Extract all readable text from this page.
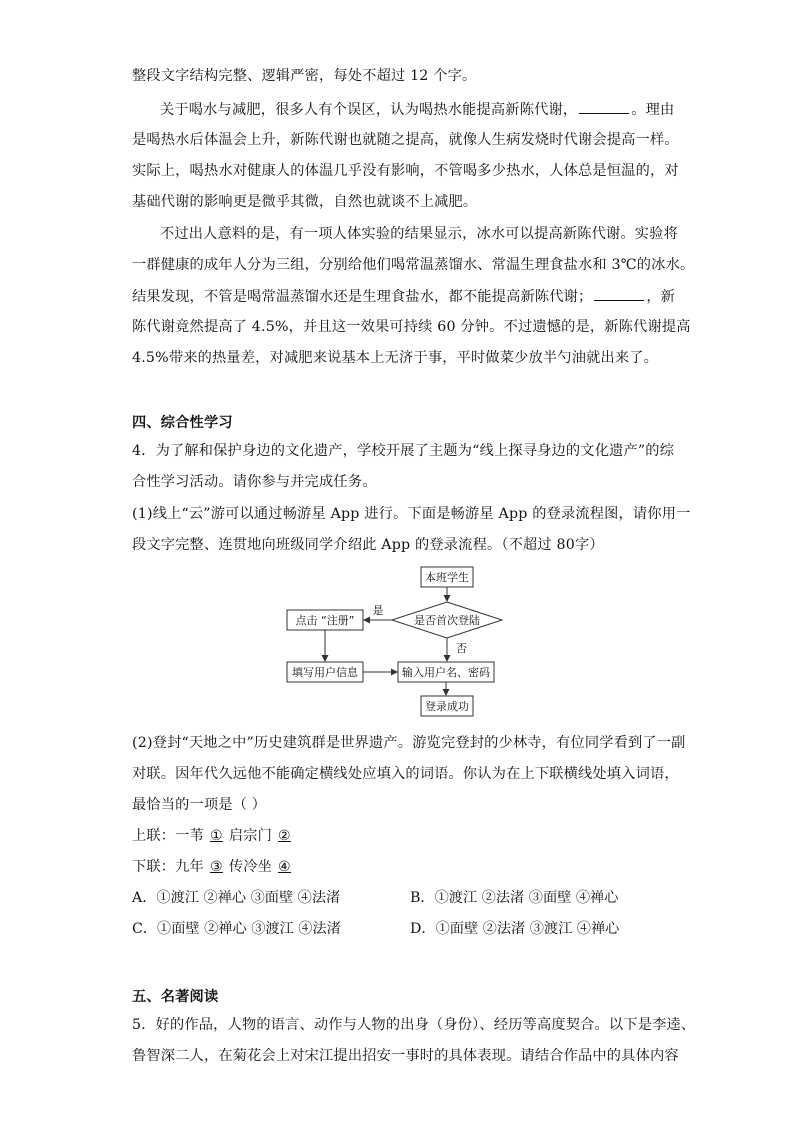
整段文字结构完整、逻辑严密，每处不超过 12 个字。
关于喝水与减肥，很多人有个误区，认为喝热水能提高新陈代谢，	。理由
是喝热水后体温会上升，新陈代谢也就随之提高，就像人生病发烧时代谢会提高一样。
实际上，喝热水对健康人的体温几乎没有影响，不管喝多少热水，人体总是恒温的，对
基础代谢的影响更是微乎其微，自然也就谈不上减肥。
不过出人意料的是，有一项人体实验的结果显示，冰水可以提高新陈代谢。实验将
一群健康的成年人分为三组，分别给他们喝常温蒸馏水、常温生理食盐水和 3℃的冰水。
结果发现，不管是喝常温蒸馏水还是生理食盐水，都不能提高新陈代谢；	，新
陈代谢竟然提高了 4.5%，并且这一效果可持续 60 分钟。不过遗憾的是，新陈代谢提高
4.5%带来的热量差，对减肥来说基本上无济于事，平时做菜少放半勺油就出来了。
四、综合性学习
4．为了解和保护身边的文化遗产，学校开展了主题为“线上探寻身边的文化遗产”的综
合性学习活动。请你参与并完成任务。
(1)线上“云”游可以通过畅游星 App 进行。下面是畅游星 App 的登录流程图，请你用一
段文字完整、连贯地向班级同学介绍此 App 的登录流程。（不超过 80字）
本班学生
是否首次登陆
是
点击 “注册”
填写用户信息
否
输入用户名、密码
登录成功
(2)登封“天地之中”历史建筑群是世界遗产。游览完登封的少林寺，有位同学看到了一副
对联。因年代久远他不能确定横线处应填入的词语。你认为在上下联横线处填入词语，
最恰当的一项是（ ）
上联：一苇 ① 启宗门 ②
下联：九年 ③ 传冷坐 ④
A．①渡江 ②禅心 ③面壁 ④法渚	B．①渡江 ②法渚 ③面壁 ④禅心
C．①面壁 ②禅心 ③渡江 ④法渚	D．①面壁 ②法渚 ③渡江 ④禅心
五、名著阅读
5．好的作品，人物的语言、动作与人物的出身（身份）、经历等高度契合。以下是李逵、
鲁智深二人，在菊花会上对宋江提出招安一事时的具体表现。请结合作品中的具体内容
